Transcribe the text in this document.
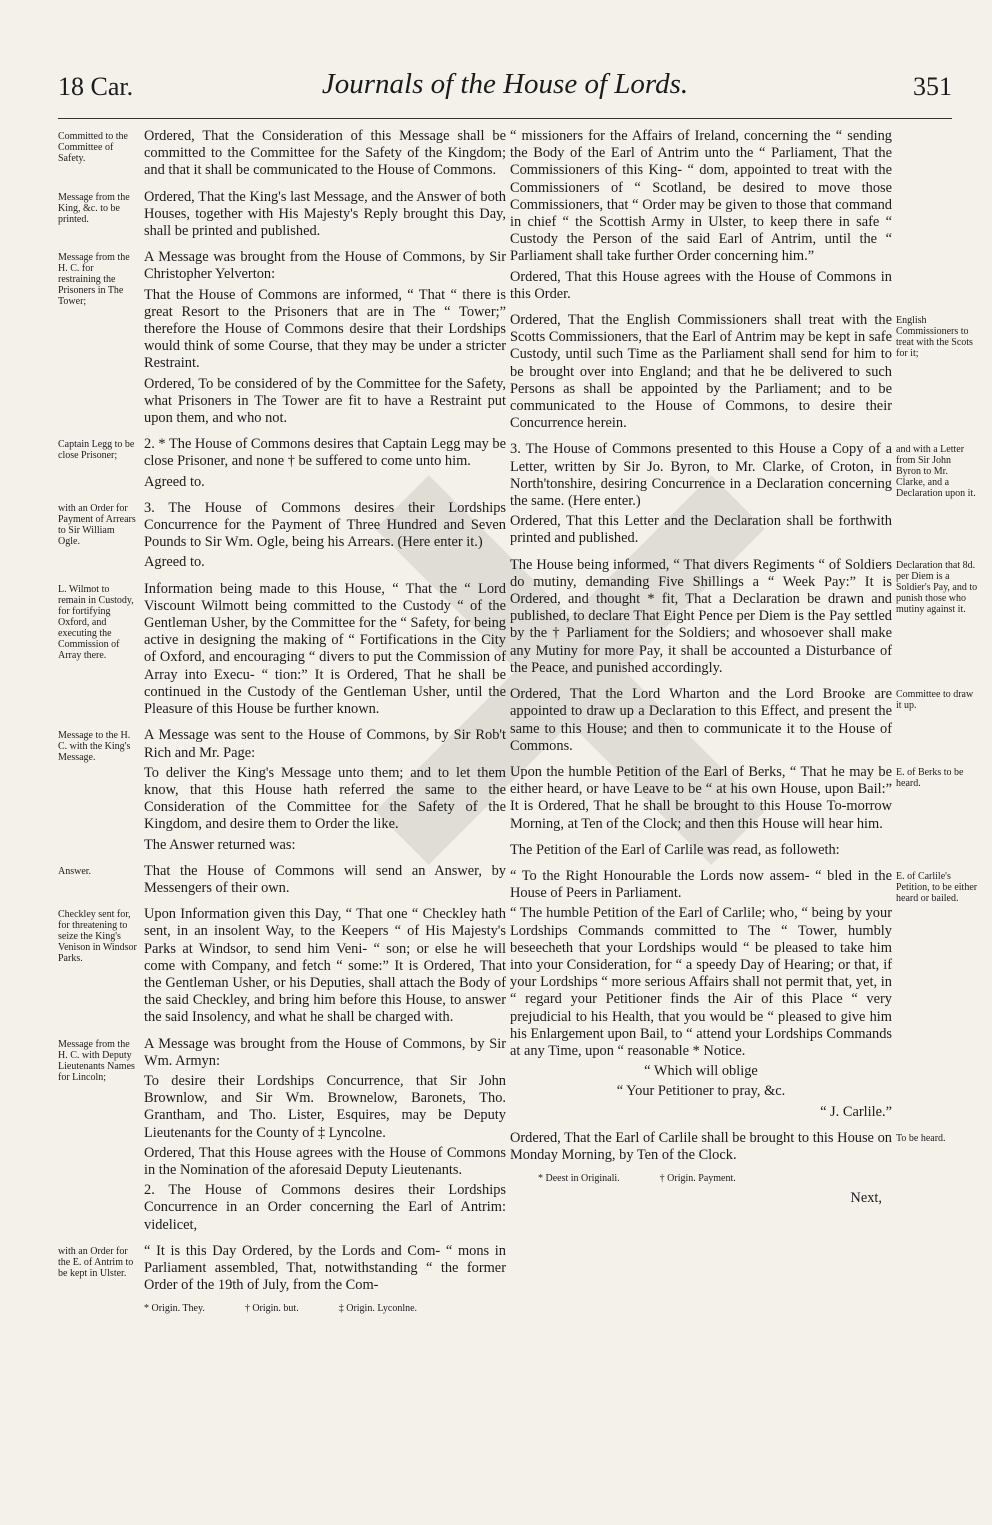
18 Car.	Journals of the House of Lords.	351
Committed to the Committee of Safety.

Ordered, That the Consideration of this Message shall be committed to the Committee for the Safety of the Kingdom; and that it shall be communicated to the House of Commons.

Message from the King, &c. to be printed.

Ordered, That the King's last Message, and the Answer of both Houses, together with His Majesty's Reply brought this Day, shall be printed and published.

Message from the H. C. for restraining the Prisoners in The Tower;

A Message was brought from the House of Commons, by Sir Christopher Yelverton:

That the House of Commons are informed, “ That “ there is great Resort to the Prisoners that are in The “ Tower;” therefore the House of Commons desire that their Lordships would think of some Course, that they may be under a stricter Restraint.

Ordered, To be considered of by the Committee for the Safety, what Prisoners in The Tower are fit to have a Restraint put upon them, and who not.

Captain Legg to be close Prisoner;

2. * The House of Commons desires that Captain Legg may be close Prisoner, and none † be suffered to come unto him.

Agreed to.

with an Order for Payment of Arrears to Sir William Ogle.

3. The House of Commons desires their Lordships Concurrence for the Payment of Three Hundred and Seven Pounds to Sir Wm. Ogle, being his Arrears. (Here enter it.)

Agreed to.

L. Wilmot to remain in Custody, for fortifying Oxford, and executing the Commission of Array there.

Information being made to this House, “ That the “ Lord Viscount Wilmott being committed to the Custody “ of the Gentleman Usher, by the Committee for the “ Safety, for being active in designing the making of “ Fortifications in the City of Oxford, and encouraging “ divers to put the Commission of Array into Execu- “ tion:” It is Ordered, That he shall be continued in the Custody of the Gentleman Usher, until the Pleasure of this House be further known.

Message to the H. C. with the King's Message.

A Message was sent to the House of Commons, by Sir Rob't Rich and Mr. Page:

To deliver the King's Message unto them; and to let them know, that this House hath referred the same to the Consideration of the Committee for the Safety of the Kingdom, and desire them to Order the like.

The Answer returned was:

Answer.	That the House of Commons will send an Answer, by Messengers of their own.

Checkley sent for, for threatening to seize the King's Venison in Windsor Parks.

Upon Information given this Day, “ That one “ Checkley hath sent, in an insolent Way, to the Keepers “ of His Majesty's Parks at Windsor, to send him Veni- “ son; or else he will come with Company, and fetch “ some:” It is Ordered, That the Gentleman Usher, or his Deputies, shall attach the Body of the said Checkley, and bring him before this House, to answer the said Insolency, and what he shall be charged with.

Message from the H. C. with Deputy Lieutenants Names for Lincoln;

A Message was brought from the House of Commons, by Sir Wm. Armyn:

To desire their Lordships Concurrence, that Sir John Brownlow, and Sir Wm. Brownelow, Baronets, Tho. Grantham, and Tho. Lister, Esquires, may be Deputy Lieutenants for the County of ‡ Lyncolne.

Ordered, That this House agrees with the House of Commons in the Nomination of the aforesaid Deputy Lieutenants.

2. The House of Commons desires their Lordships Concurrence in an Order concerning the Earl of Antrim: videlicet,

with an Order for the E. of Antrim to be kept in Ulster.

“ It is this Day Ordered, by the Lords and Com- “ mons in Parliament assembled, That, notwithstanding “ the former Order of the 19th of July, from the Com-

* Origin. They.	† Origin. but.	‡ Origin. Lyconlne.

“ missioners for the Affairs of Ireland, concerning the “ sending the Body of the Earl of Antrim unto the “ Parliament, That the Commissioners of this King- “ dom, appointed to treat with the Commissioners of “ Scotland, be desired to move those Commissioners, that “ Order may be given to those that command in chief “ the Scottish Army in Ulster, to keep there in safe “ Custody the Person of the said Earl of Antrim, until the “ Parliament shall take further Order concerning him.”

Ordered, That this House agrees with the House of Commons in this Order.

English Commissioners to treat with the Scots for it;

Ordered, That the English Commissioners shall treat with the Scotts Commissioners, that the Earl of Antrim may be kept in safe Custody, until such Time as the Parliament shall send for him to be brought over into England; and that he be delivered to such Persons as shall be appointed by the Parliament; and to be communicated to the House of Commons, to desire their Concurrence herein.

and with a Letter from Sir John Byron to Mr. Clarke, and a Declaration upon it.

3. The House of Commons presented to this House a Copy of a Letter, written by Sir Jo. Byron, to Mr. Clarke, of Croton, in North'tonshire, desiring Concurrence in a Declaration concerning the same. (Here enter.)

Ordered, That this Letter and the Declaration shall be forthwith printed and published.

Declaration that 8d. per Diem is a Soldier's Pay, and to punish those who mutiny against it.

The House being informed, “ That divers Regiments “ of Soldiers do mutiny, demanding Five Shillings a “ Week Pay:” It is Ordered, and thought * fit, That a Declaration be drawn and published, to declare That Eight Pence per Diem is the Pay settled by the † Parliament for the Soldiers; and whosoever shall make any Mutiny for more Pay, it shall be accounted a Disturbance of the Peace, and punished accordingly.

Committee to draw it up.

Ordered, That the Lord Wharton and the Lord Brooke are appointed to draw up a Declaration to this Effect, and present the same to this House; and then to communicate it to the House of Commons.

E. of Berks to be heard.

Upon the humble Petition of the Earl of Berks, “ That he may be either heard, or have Leave to be “ at his own House, upon Bail:” It is Ordered, That he shall be brought to this House To-morrow Morning, at Ten of the Clock; and then this House will hear him.

The Petition of the Earl of Carlile was read, as followeth:

E. of Carlile's Petition, to be either heard or bailed.

“ To the Right Honourable the Lords now assem- “ bled in the House of Peers in Parliament.

“ The humble Petition of the Earl of Carlile; who, “ being by your Lordships Commands committed to The “ Tower, humbly beseecheth that your Lordships would “ be pleased to take him into your Consideration, for “ a speedy Day of Hearing; or that, if your Lordships “ more serious Affairs shall not permit that, yet, in “ regard your Petitioner finds the Air of this Place “ very prejudicial to his Health, that you would be “ pleased to give him his Enlargement upon Bail, to “ attend your Lordships Commands at any Time, upon “ reasonable * Notice.

“ Which will oblige

“ Your Petitioner to pray, &c.

“ J. Carlile.”

To be heard.

Ordered, That the Earl of Carlile shall be brought to this House on Monday Morning, by Ten of the Clock.

* Deest in Originali.	† Origin. Payment.
Next,
